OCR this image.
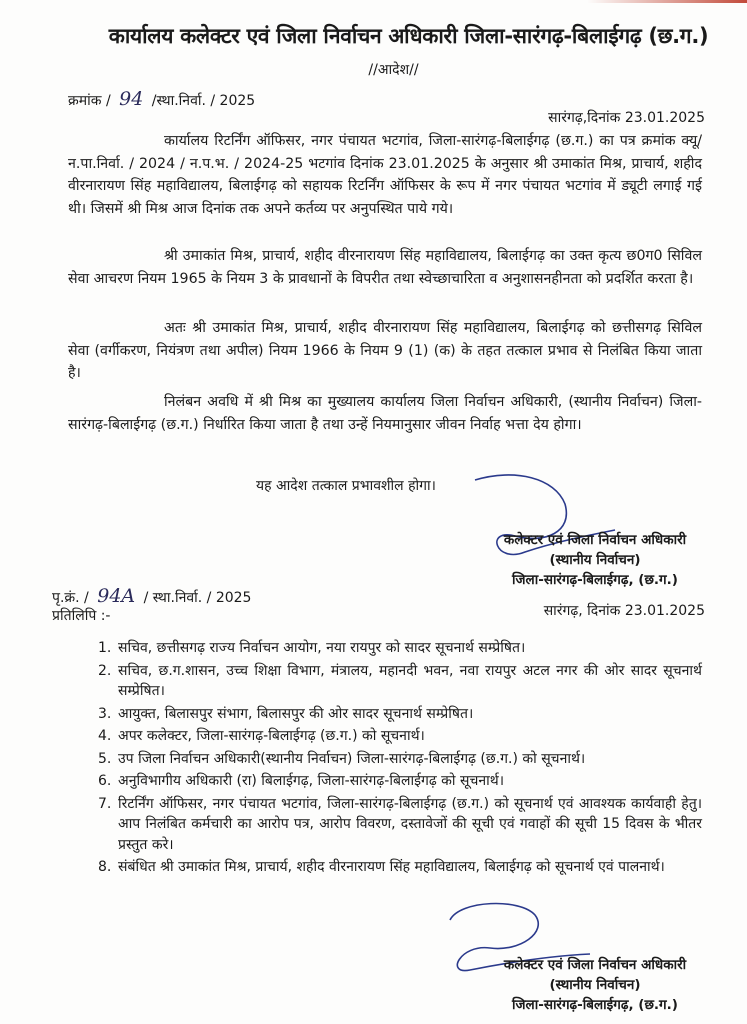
कार्यालय कलेक्टर एवं जिला निर्वाचन अधिकारी जिला-सारंगढ़-बिलाईगढ़ (छ.ग.)
//आदेश//
क्रमांक / 94 /स्था.निर्वा. / 2025
सारंगढ़,दिनांक 23.01.2025
कार्यालय रिटर्निंग ऑफिसर, नगर पंचायत भटगांव, जिला-सारंगढ़-बिलाईगढ़ (छ.ग.) का पत्र क्रमांक क्यू/न.पा.निर्वा. / 2024 / न.प.भ. / 2024-25 भटगांव दिनांक 23.01.2025 के अनुसार श्री उमाकांत मिश्र, प्राचार्य, शहीद वीरनारायण सिंह महाविद्यालय, बिलाईगढ़ को सहायक रिटर्निंग ऑफिसर के रूप में नगर पंचायत भटगांव में ड्यूटी लगाई गई थी। जिसमें श्री मिश्र आज दिनांक तक अपने कर्तव्य पर अनुपस्थित पाये गये।
श्री उमाकांत मिश्र, प्राचार्य, शहीद वीरनारायण सिंह महाविद्यालय, बिलाईगढ़ का उक्त कृत्य छ0ग0 सिविल सेवा आचरण नियम 1965 के नियम 3 के प्रावधानों के विपरीत तथा स्वेच्छाचारिता व अनुशासनहीनता को प्रदर्शित करता है।
अतः श्री उमाकांत मिश्र, प्राचार्य, शहीद वीरनारायण सिंह महाविद्यालय, बिलाईगढ़ को छत्तीसगढ़ सिविल सेवा (वर्गीकरण, नियंत्रण तथा अपील) नियम 1966 के नियम 9 (1) (क) के तहत तत्काल प्रभाव से निलंबित किया जाता है।
निलंबन अवधि में श्री मिश्र का मुख्यालय कार्यालय जिला निर्वाचन अधिकारी, (स्थानीय निर्वाचन) जिला-सारंगढ़-बिलाईगढ़ (छ.ग.) निर्धारित किया जाता है तथा उन्हें नियमानुसार जीवन निर्वाह भत्ता देय होगा।
यह आदेश तत्काल प्रभावशील होगा।
कलेक्टर एवं जिला निर्वाचन अधिकारी
(स्थानीय निर्वाचन)
जिला-सारंगढ़-बिलाईगढ़, (छ.ग.)
पृ.क्रं. / 94A / स्था.निर्वा. / 2025
प्रतिलिपि :-	सारंगढ़, दिनांक 23.01.2025
1. सचिव, छत्तीसगढ़ राज्य निर्वाचन आयोग, नया रायपुर को सादर सूचनार्थ सम्प्रेषित।
2. सचिव, छ.ग.शासन, उच्च शिक्षा विभाग, मंत्रालय, महानदी भवन, नवा रायपुर अटल नगर की ओर सादर सूचनार्थ सम्प्रेषित।
3. आयुक्त, बिलासपुर संभाग, बिलासपुर की ओर सादर सूचनार्थ सम्प्रेषित।
4. अपर कलेक्टर, जिला-सारंगढ़-बिलाईगढ़ (छ.ग.) को सूचनार्थ।
5. उप जिला निर्वाचन अधिकारी(स्थानीय निर्वाचन) जिला-सारंगढ़-बिलाईगढ़ (छ.ग.) को सूचनार्थ।
6. अनुविभागीय अधिकारी (रा) बिलाईगढ़, जिला-सारंगढ़-बिलाईगढ़ को सूचनार्थ।
7. रिटर्निंग ऑफिसर, नगर पंचायत भटगांव, जिला-सारंगढ़-बिलाईगढ़ (छ.ग.) को सूचनार्थ एवं आवश्यक कार्यवाही हेतु। आप निलंबित कर्मचारी का आरोप पत्र, आरोप विवरण, दस्तावेजों की सूची एवं गवाहों की सूची 15 दिवस के भीतर प्रस्तुत करे।
8. संबंधित श्री उमाकांत मिश्र, प्राचार्य, शहीद वीरनारायण सिंह महाविद्यालय, बिलाईगढ़ को सूचनार्थ एवं पालनार्थ।
कलेक्टर एवं जिला निर्वाचन अधिकारी
(स्थानीय निर्वाचन)
जिला-सारंगढ़-बिलाईगढ़, (छ.ग.)
